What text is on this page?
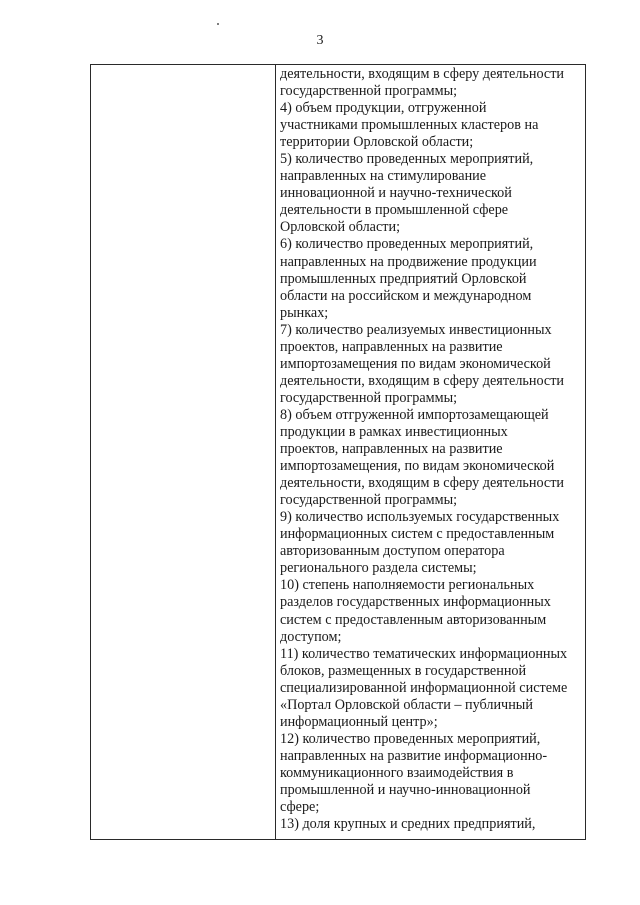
3
деятельности, входящим в сферу деятельности
государственной программы;
4) объем продукции, отгруженной
участниками промышленных кластеров на
территории Орловской области;
5) количество проведенных мероприятий,
направленных на стимулирование
инновационной и научно-технической
деятельности в промышленной сфере
Орловской области;
6) количество проведенных мероприятий,
направленных на продвижение продукции
промышленных предприятий Орловской
области на российском и международном
рынках;
7) количество реализуемых инвестиционных
проектов, направленных на развитие
импортозамещения по видам экономической
деятельности, входящим в сферу деятельности
государственной программы;
8) объем отгруженной импортозамещающей
продукции в рамках инвестиционных
проектов, направленных на развитие
импортозамещения, по видам экономической
деятельности, входящим в сферу деятельности
государственной программы;
9) количество используемых государственных
информационных систем с предоставленным
авторизованным доступом оператора
регионального раздела системы;
10) степень наполняемости региональных
разделов государственных информационных
систем с предоставленным авторизованным
доступом;
11) количество тематических информационных
блоков, размещенных в государственной
специализированной информационной системе
«Портал Орловской области – публичный
информационный центр»;
12) количество проведенных мероприятий,
направленных на развитие информационно-
коммуникационного взаимодействия в
промышленной и научно-инновационной
сфере;
13) доля крупных и средних предприятий,
